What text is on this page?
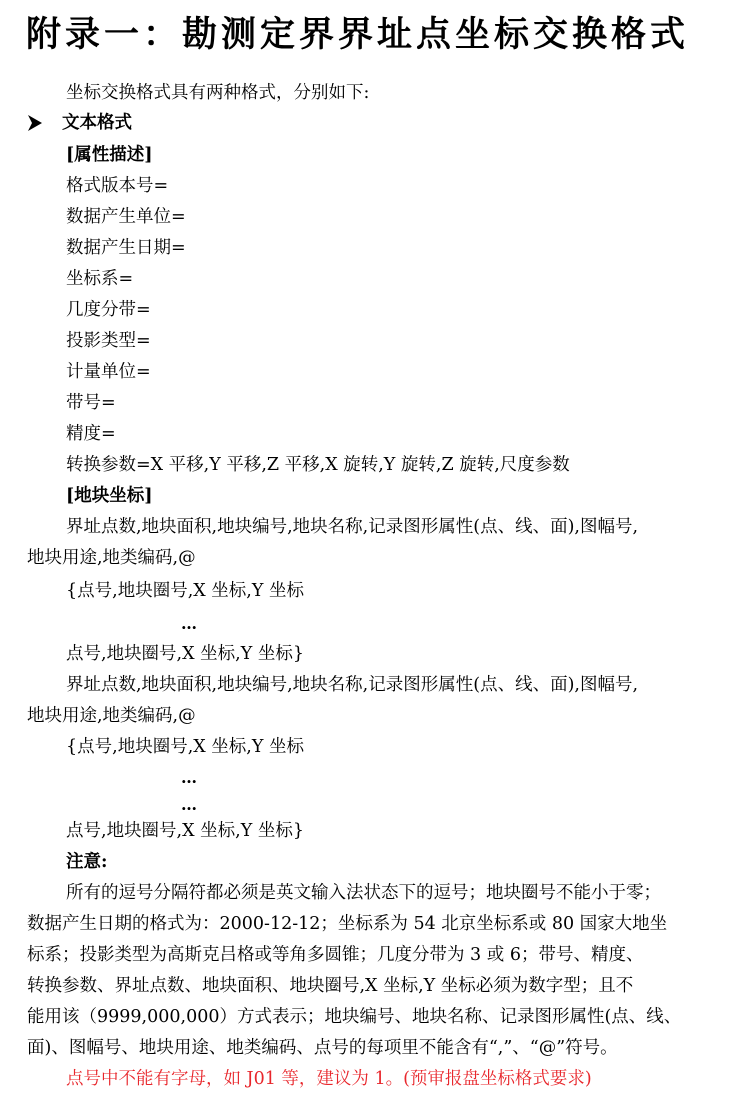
附录一：勘测定界界址点坐标交换格式
坐标交换格式具有两种格式，分别如下:
文本格式
[属性描述]
格式版本号=
数据产生单位=
数据产生日期=
坐标系=
几度分带=
投影类型=
计量单位=
带号=
精度=
转换参数=X 平移,Y 平移,Z 平移,X 旋转,Y 旋转,Z 旋转,尺度参数
[地块坐标]
界址点数,地块面积,地块编号,地块名称,记录图形属性(点、线、面),图幅号,
地块用途,地类编码,@
{点号,地块圈号,X 坐标,Y 坐标
…
点号,地块圈号,X 坐标,Y 坐标}
界址点数,地块面积,地块编号,地块名称,记录图形属性(点、线、面),图幅号,
地块用途,地类编码,@
{点号,地块圈号,X 坐标,Y 坐标
…
…
点号,地块圈号,X 坐标,Y 坐标}
注意:
所有的逗号分隔符都必须是英文输入法状态下的逗号；地块圈号不能小于零；
数据产生日期的格式为：2000-12-12；坐标系为 54 北京坐标系或 80 国家大地坐
标系；投影类型为高斯克吕格或等角多圆锥；几度分带为 3 或 6；带号、精度、
转换参数、界址点数、地块面积、地块圈号,X 坐标,Y 坐标必须为数字型；且不
能用该（9999,000,000）方式表示；地块编号、地块名称、记录图形属性(点、线、
面)、图幅号、地块用途、地类编码、点号的每项里不能含有“,”、“@”符号。
点号中不能有字母，如 J01 等，建议为 1。(预审报盘坐标格式要求)
